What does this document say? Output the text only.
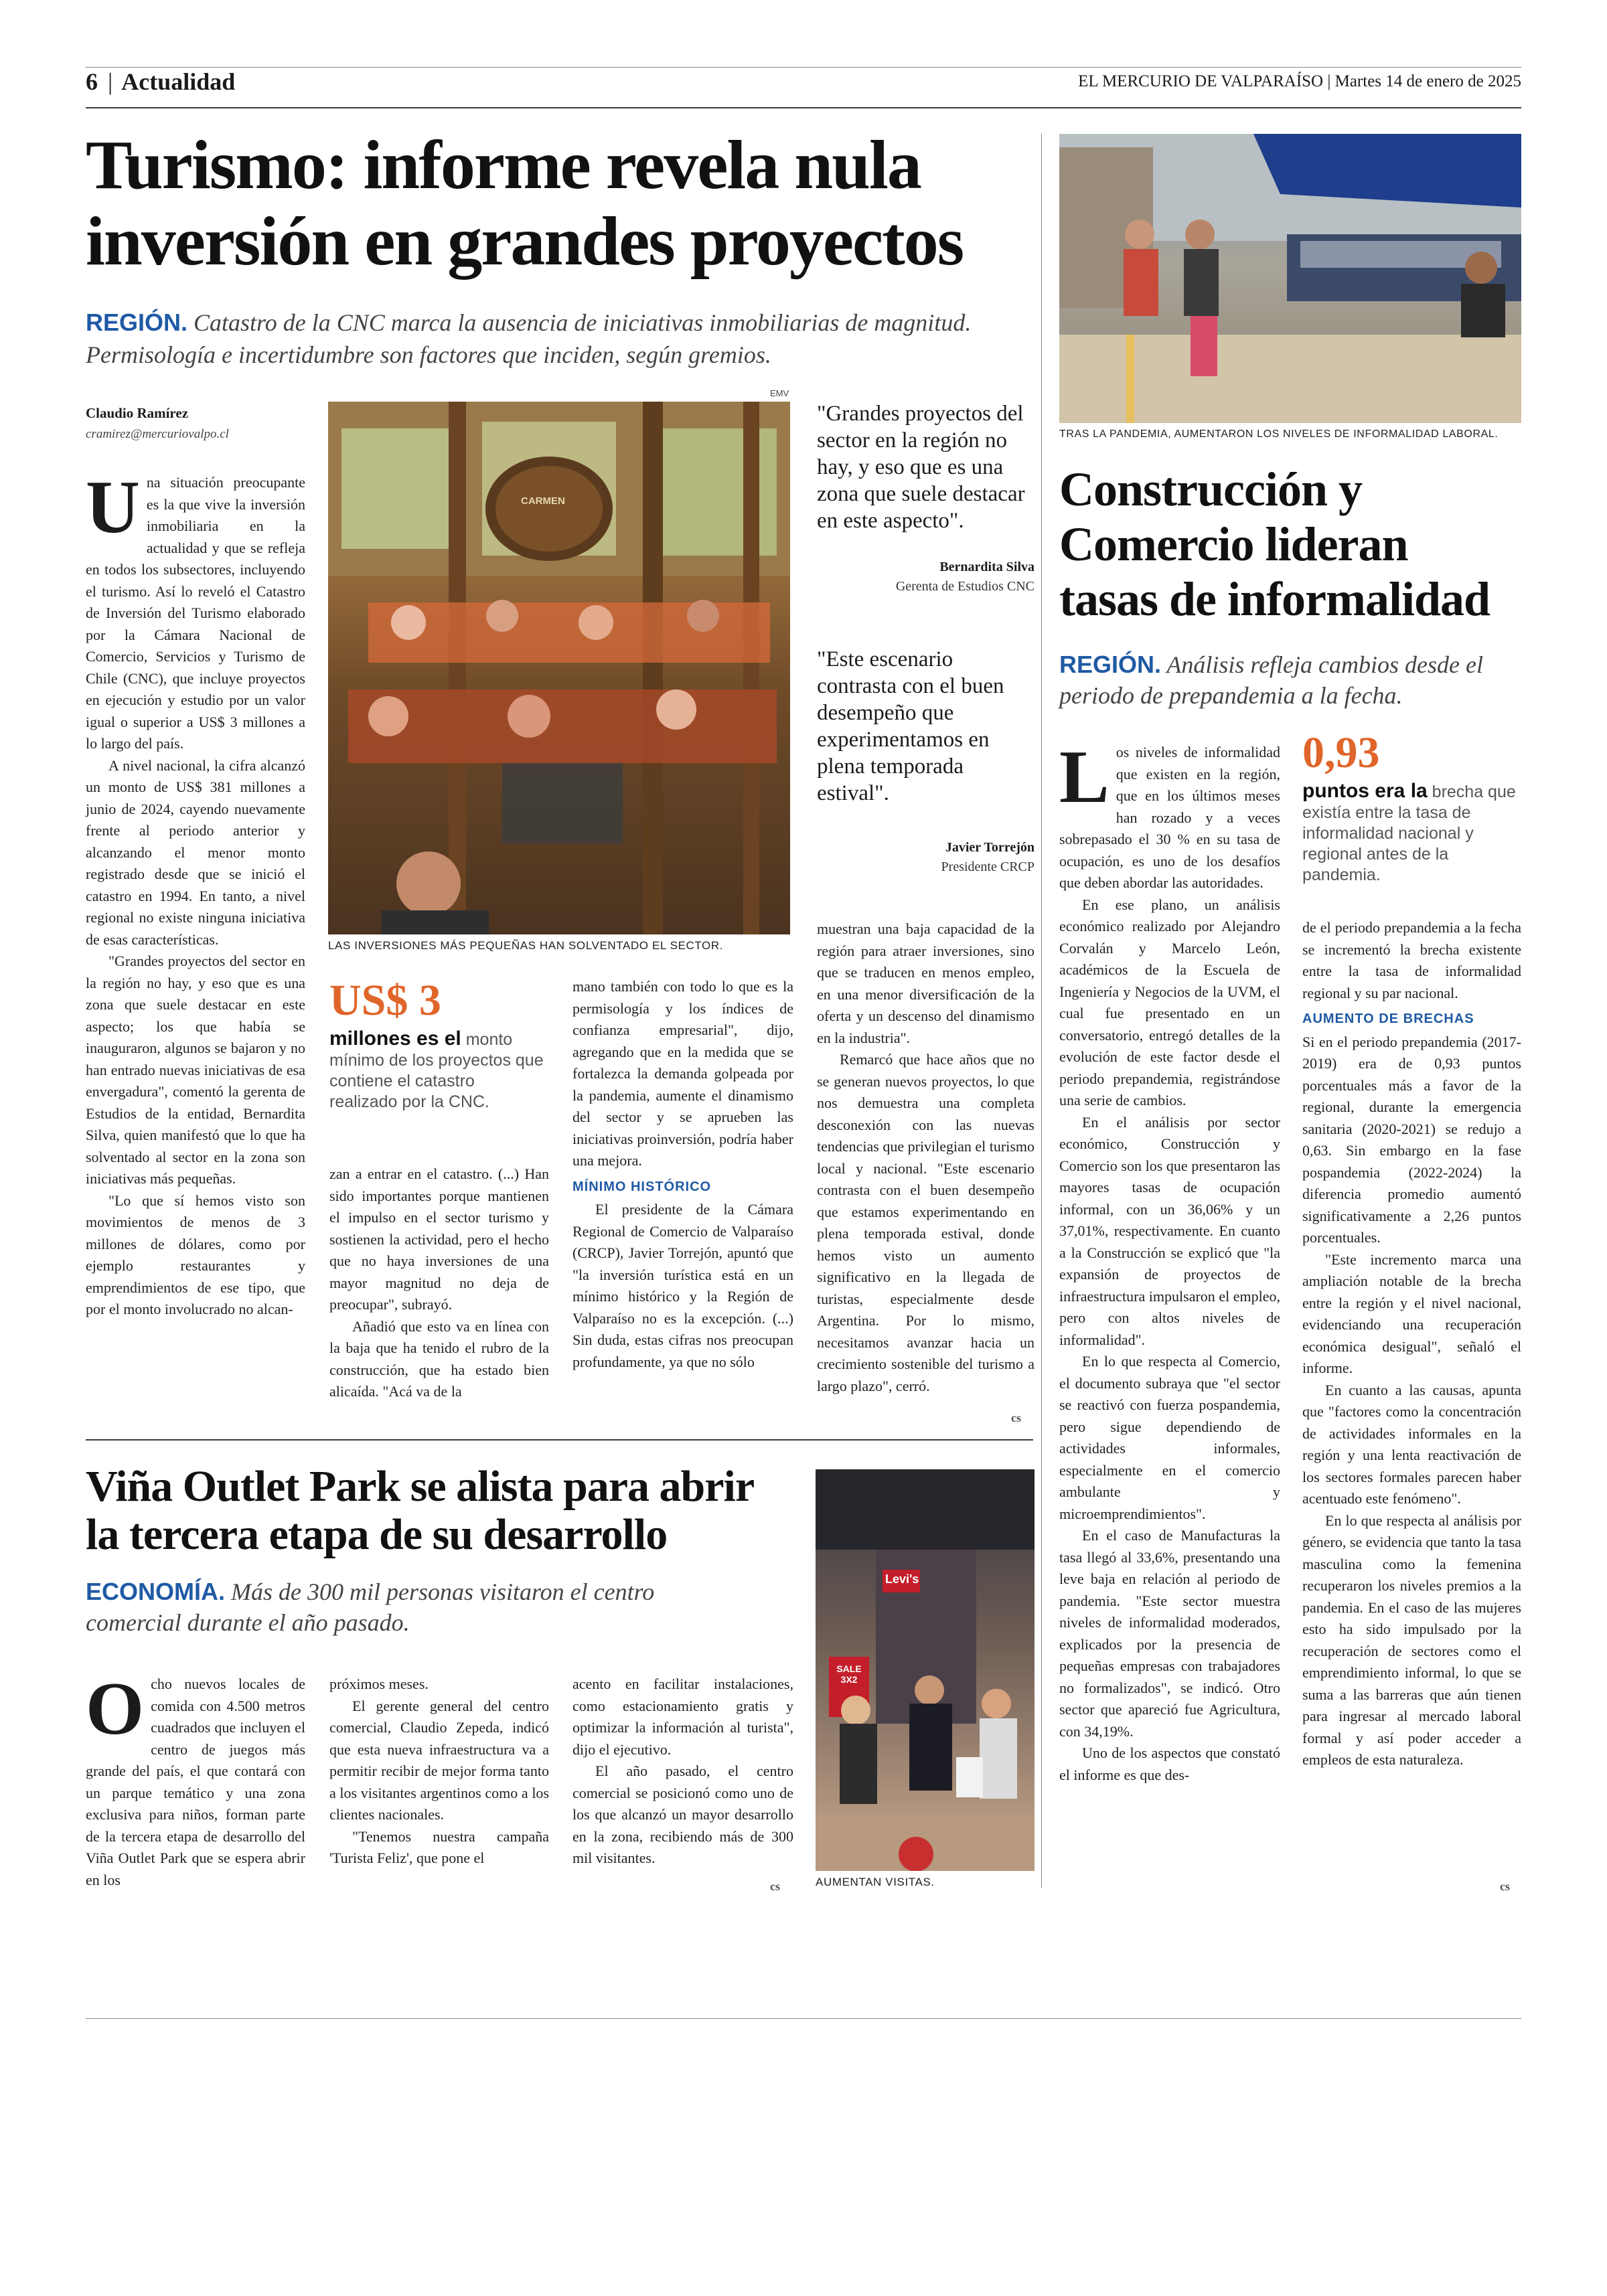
6 | Actualidad	EL MERCURIO DE VALPARAÍSO | Martes 14 de enero de 2025
Turismo: informe revela nula
inversión en grandes proyectos
REGIÓN. Catastro de la CNC marca la ausencia de iniciativas inmobiliarias de magnitud. Permisología e incertidumbre son factores que inciden, según gremios.
Claudio Ramírez
cramirez@mercuriovalpo.cl
CARMEN
EMV
LAS INVERSIONES MÁS PEQUEÑAS HAN SOLVENTADO EL SECTOR.

Una situación preocupante es la que vive la inversión inmobiliaria en la actualidad y que se refleja en todos los subsectores, incluyendo el turismo. Así lo reveló el Catastro de Inversión del Turismo elaborado por la Cámara Nacional de Comercio, Servicios y Turismo de Chile (CNC), que incluye proyectos en ejecución y estudio por un valor igual o superior a US$ 3 millones a lo largo del país.

A nivel nacional, la cifra alcanzó un monto de US$ 381 millones a junio de 2024, cayendo nuevamente frente al periodo anterior y alcanzando el menor monto registrado desde que se inició el catastro en 1994. En tanto, a nivel regional no existe ninguna iniciativa de esas características.

"Grandes proyectos del sector en la región no hay, y eso que es una zona que suele destacar en este aspecto; los que había se inauguraron, algunos se bajaron y no han entrado nuevas iniciativas de esa envergadura", comentó la gerenta de Estudios de la entidad, Bernardita Silva, quien manifestó que lo que ha solventado al sector en la zona son iniciativas más pequeñas.

"Lo que sí hemos visto son movimientos de menos de 3 millones de dólares, como por ejemplo restaurantes y emprendimientos de ese tipo, que por el monto involucrado no alcan-

US$ 3
millones es el monto mínimo de los proyectos que contiene el catastro realizado por la CNC.

zan a entrar en el catastro. (...) Han sido importantes porque mantienen el impulso en el sector turismo y sostienen la actividad, pero el hecho que no haya inversiones de una mayor magnitud no deja de preocupar", subrayó.

Añadió que esto va en línea con la baja que ha tenido el rubro de la construcción, que ha estado bien alicaída. "Acá va de la

mano también con todo lo que es la permisología y los índices de confianza empresarial", dijo, agregando que en la medida que se fortalezca la demanda golpeada por la pandemia, aumente el dinamismo del sector y se aprueben las iniciativas proinversión, podría haber una mejora.

MÍNIMO HISTÓRICO

El presidente de la Cámara Regional de Comercio de Valparaíso (CRCP), Javier Torrejón, apuntó que "la inversión turística está en un mínimo histórico y la Región de Valparaíso no es la excepción. (...) Sin duda, estas cifras nos preocupan profundamente, ya que no sólo

"Grandes proyectos del sector en la región no hay, y eso que es una zona que suele destacar en este aspecto".
Bernardita Silva
Gerenta de Estudios CNC
"Este escenario contrasta con el buen desempeño que experimentamos en plena temporada estival".
Javier Torrejón
Presidente CRCP

muestran una baja capacidad de la región para atraer inversiones, sino que se traducen en menos empleo, en una menor diversificación de la oferta y un descenso del dinamismo en la industria".

Remarcó que hace años que no se generan nuevos proyectos, lo que nos demuestra una completa desconexión con las nuevas tendencias que privilegian el turismo local y nacional. "Este escenario contrasta con el buen desempeño que estamos experimentando en plena temporada estival, donde hemos visto un aumento significativo en la llegada de turistas, especialmente desde Argentina. Por lo mismo, necesitamos avanzar hacia un crecimiento sostenible del turismo a largo plazo", cerró.

cs
Viña Outlet Park se alista para abrir
la tercera etapa de su desarrollo
ECONOMÍA. Más de 300 mil personas visitaron el centro comercial durante el año pasado.

Ocho nuevos locales de comida con 4.500 metros cuadrados que incluyen el centro de juegos más grande del país, el que contará con un parque temático y una zona exclusiva para niños, forman parte de la tercera etapa de desarrollo del Viña Outlet Park que se espera abrir en los

próximos meses.

El gerente general del centro comercial, Claudio Zepeda, indicó que esta nueva infraestructura va a permitir recibir de mejor forma tanto a los visitantes argentinos como a los clientes nacionales.

"Tenemos nuestra campaña 'Turista Feliz', que pone el

acento en facilitar instalaciones, como estacionamiento gratis y optimizar la información al turista", dijo el ejecutivo.

El año pasado, el centro comercial se posicionó como uno de los que alcanzó un mayor desarrollo en la zona, recibiendo más de 300 mil visitantes.

cs
Levi's
SALE 3X2
AUMENTAN VISITAS.
TRAS LA PANDEMIA, AUMENTARON LOS NIVELES DE INFORMALIDAD LABORAL.
Construcción y
Comercio lideran
tasas de informalidad
REGIÓN. Análisis refleja cambios desde el periodo de prepandemia a la fecha.

Los niveles de informalidad que existen en la región, que en los últimos meses han rozado y a veces sobrepasado el 30 % en su tasa de ocupación, es uno de los desafíos que deben abordar las autoridades.

En ese plano, un análisis económico realizado por Alejandro Corvalán y Marcelo León, académicos de la Escuela de Ingeniería y Negocios de la UVM, el cual fue presentado en un conversatorio, entregó detalles de la evolución de este factor desde el periodo prepandemia, registrándose una serie de cambios.

En el análisis por sector económico, Construcción y Comercio son los que presentaron las mayores tasas de ocupación informal, con un 36,06% y un 37,01%, respectivamente. En cuanto a la Construcción se explicó que "la expansión de proyectos de infraestructura impulsaron el empleo, pero con altos niveles de informalidad".

En lo que respecta al Comercio, el documento subraya que "el sector se reactivó con fuerza pospandemia, pero sigue dependiendo de actividades informales, especialmente en el comercio ambulante y microemprendimientos".

En el caso de Manufacturas la tasa llegó al 33,6%, presentando una leve baja en relación al periodo de pandemia. "Este sector muestra niveles de informalidad moderados, explicados por la presencia de pequeñas empresas con trabajadores no formalizados", se indicó. Otro sector que apareció fue Agricultura, con 34,19%.

Uno de los aspectos que constató el informe es que des-

0,93
puntos era la brecha que existía entre la tasa de informalidad nacional y regional antes de la pandemia.

de el periodo prepandemia a la fecha se incrementó la brecha existente entre la tasa de informalidad regional y su par nacional.

AUMENTO DE BRECHAS

Si en el periodo prepandemia (2017-2019) era de 0,93 puntos porcentuales más a favor de la regional, durante la emergencia sanitaria (2020-2021) se redujo a 0,63. Sin embargo en la fase pospandemia (2022-2024) la diferencia promedio aumentó significativamente a 2,26 puntos porcentuales.

"Este incremento marca una ampliación notable de la brecha entre la región y el nivel nacional, evidenciando una recuperación económica desigual", señaló el informe.

En cuanto a las causas, apunta que "factores como la concentración de actividades informales en la región y una lenta reactivación de los sectores formales parecen haber acentuado este fenómeno".

En lo que respecta al análisis por género, se evidencia que tanto la tasa masculina como la femenina recuperaron los niveles premios a la pandemia. En el caso de las mujeres esto ha sido impulsado por la recuperación de sectores como el emprendimiento informal, lo que se suma a las barreras que aún tienen para ingresar al mercado laboral formal y así poder acceder a empleos de esta naturaleza.

cs
